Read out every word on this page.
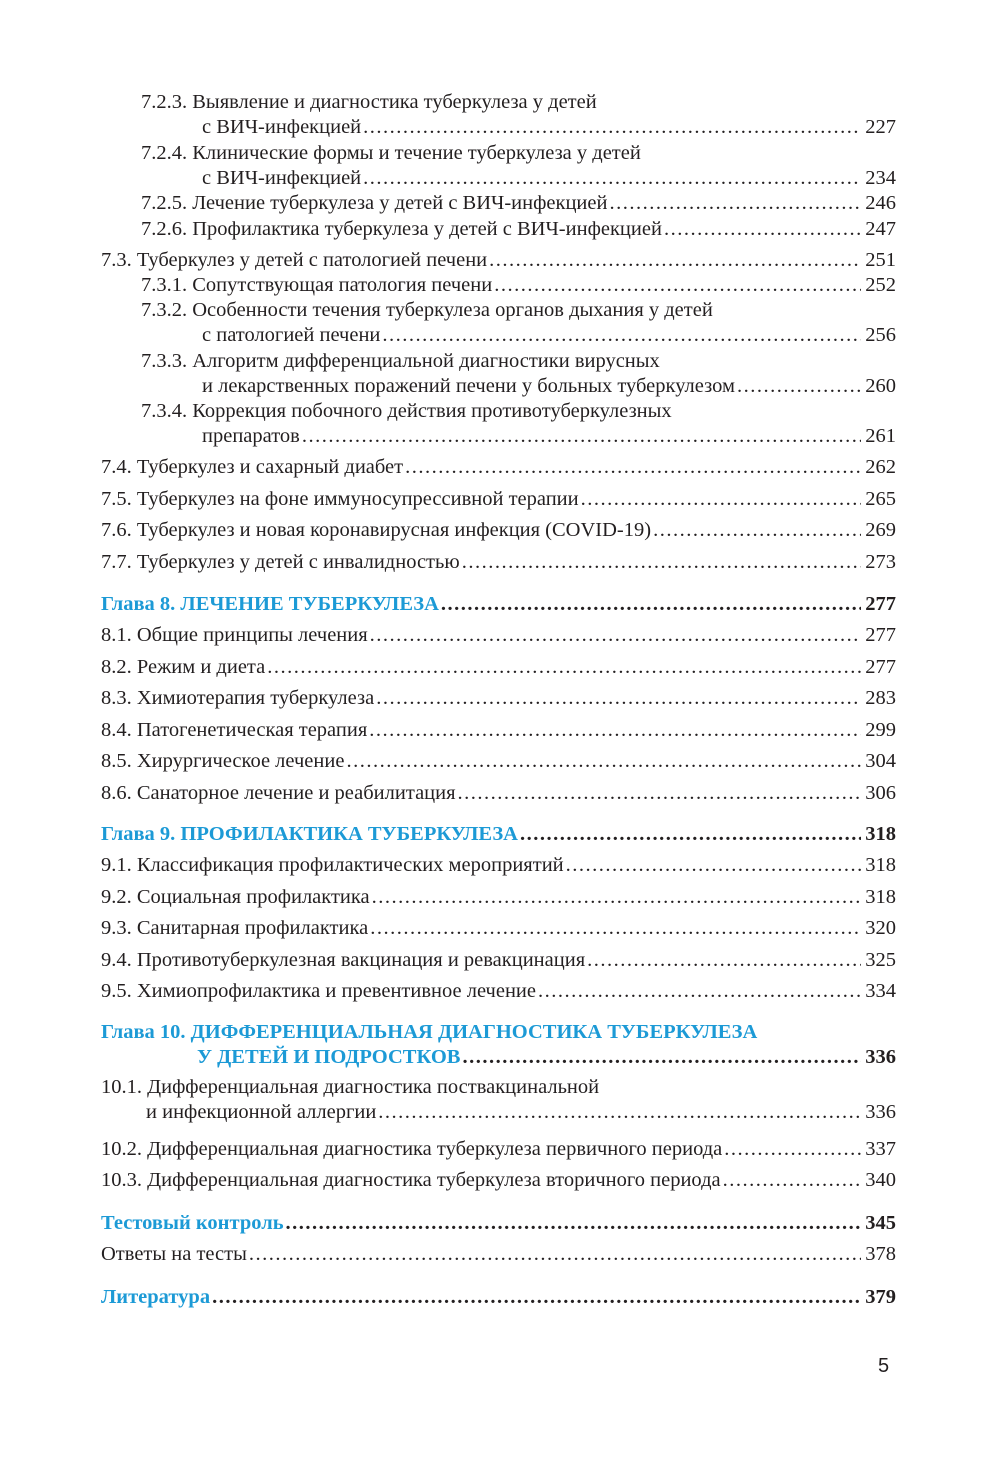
7.2.3. Выявление и диагностика туберкулеза у детей
с ВИЧ-инфекцией .....	227
7.2.4. Клинические формы и течение туберкулеза у детей
с ВИЧ-инфекцией .....	234
7.2.5. Лечение туберкулеза у детей с ВИЧ-инфекцией .....	246
7.2.6. Профилактика туберкулеза у детей с ВИЧ-инфекцией .....	247
7.3. Туберкулез у детей с патологией печени .....	251
7.3.1. Сопутствующая патология печени .....	252
7.3.2. Особенности течения туберкулеза органов дыхания у детей
с патологией печени .....	256
7.3.3. Алгоритм дифференциальной диагностики вирусных
и лекарственных поражений печени у больных туберкулезом .....	260
7.3.4. Коррекция побочного действия противотуберкулезных
препаратов .....	261
7.4. Туберкулез и сахарный диабет .....	262
7.5. Туберкулез на фоне иммуносупрессивной терапии .....	265
7.6. Туберкулез и новая коронавирусная инфекция (COVID-19) .....	269
7.7. Туберкулез у детей с инвалидностью .....	273
Глава 8. ЛЕЧЕНИЕ ТУБЕРКУЛЕЗА .....	277
8.1. Общие принципы лечения .....	277
8.2. Режим и диета .....	277
8.3. Химиотерапия туберкулеза .....	283
8.4. Патогенетическая терапия .....	299
8.5. Хирургическое лечение .....	304
8.6. Санаторное лечение и реабилитация .....	306
Глава 9. ПРОФИЛАКТИКА ТУБЕРКУЛЕЗА .....	318
9.1. Классификация профилактических мероприятий .....	318
9.2. Социальная профилактика .....	318
9.3. Санитарная профилактика .....	320
9.4. Противотуберкулезная вакцинация и ревакцинация .....	325
9.5. Химиопрофилактика и превентивное лечение .....	334
Глава 10. ДИФФЕРЕНЦИАЛЬНАЯ ДИАГНОСТИКА ТУБЕРКУЛЕЗА
У ДЕТЕЙ И ПОДРОСТКОВ .....	336
10.1. Дифференциальная диагностика поствакцинальной
и инфекционной аллергии .....	336
10.2. Дифференциальная диагностика туберкулеза первичного периода .....	337
10.3. Дифференциальная диагностика туберкулеза вторичного периода .....	340
Тестовый контроль .....	345
Ответы на тесты .....	378
Литература .....	379
5
